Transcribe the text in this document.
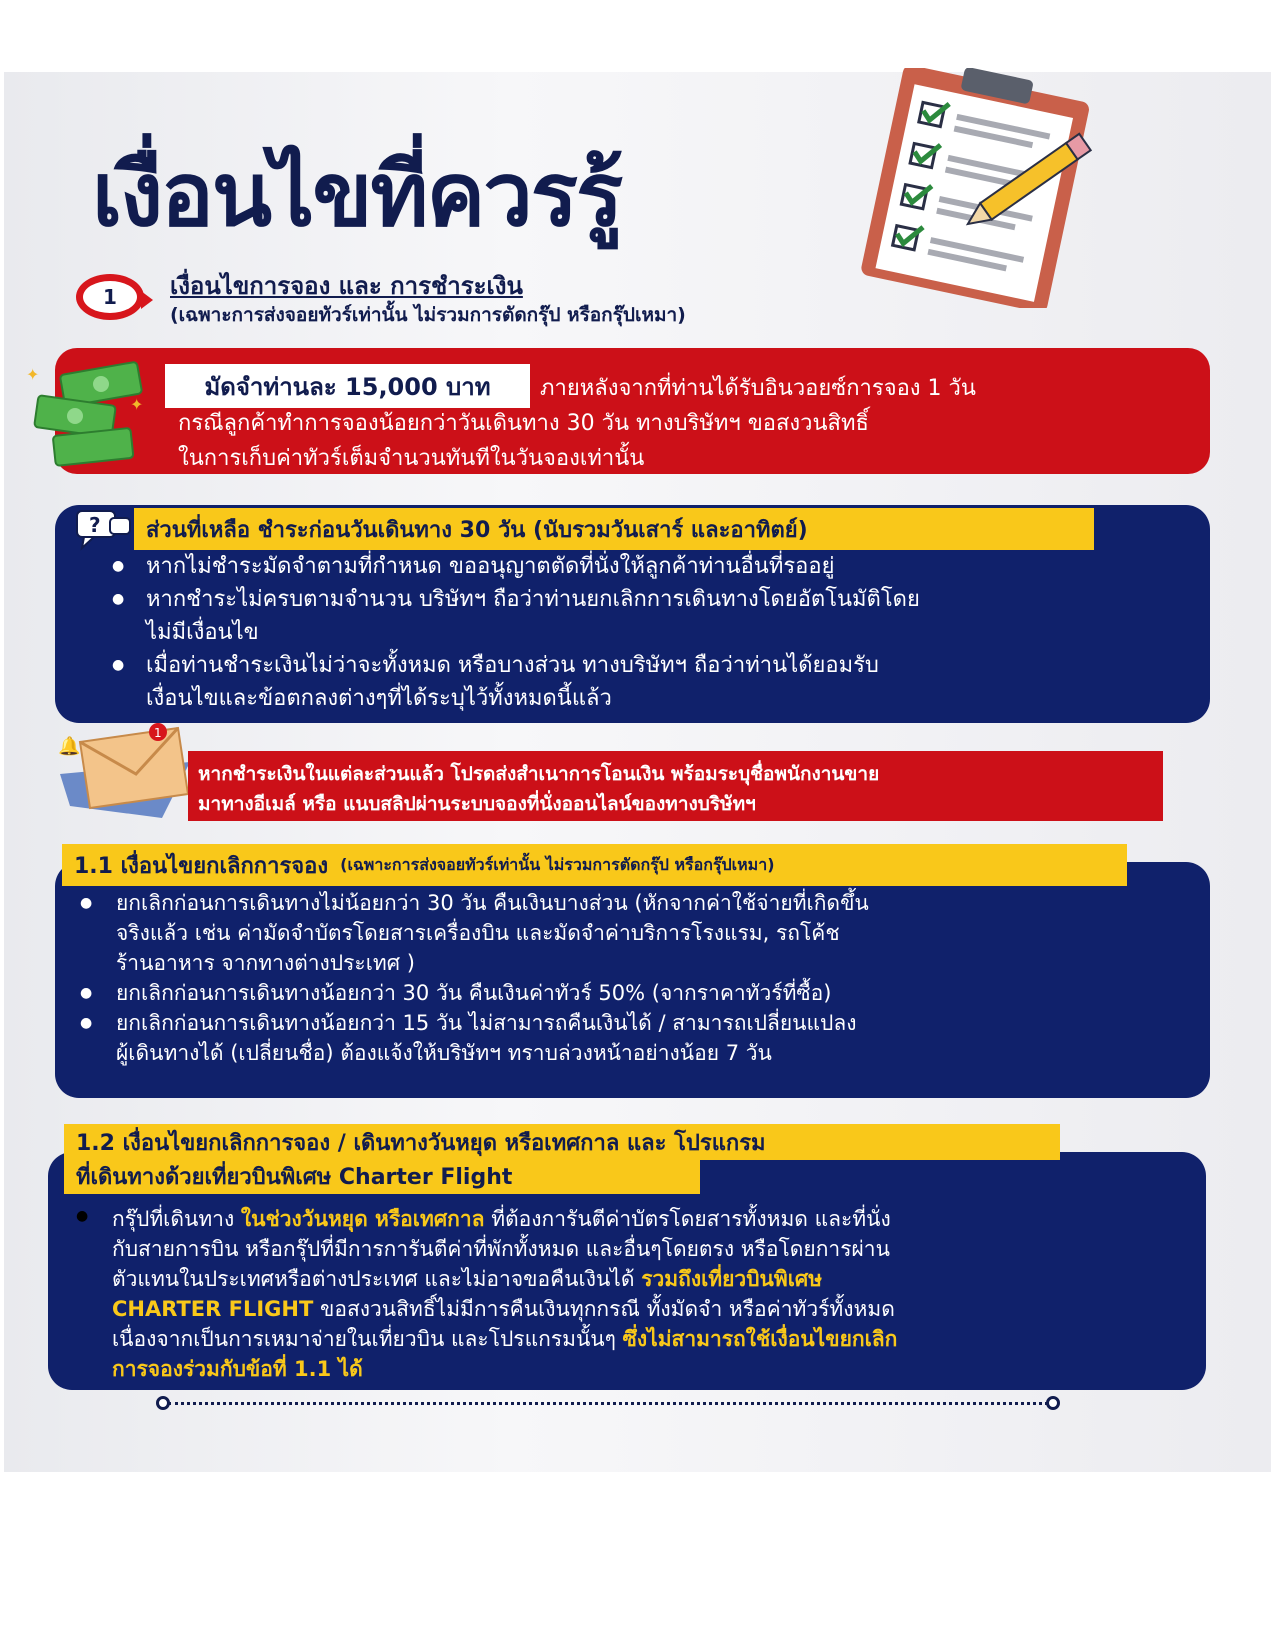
เงื่อนไขที่ควรรู้
1	เงื่อนไขการจอง และ การชำระเงิน
(เฉพาะการส่งจอยทัวร์เท่านั้น ไม่รวมการตัดกรุ๊ป หรือกรุ๊ปเหมา)
✦
✦
มัดจำท่านละ 15,000 บาท	ภายหลังจากที่ท่านได้รับอินวอยซ์การจอง 1 วัน
กรณีลูกค้าทำการจองน้อยกว่าวันเดินทาง 30 วัน ทางบริษัทฯ ขอสงวนสิทธิ์
ในการเก็บค่าทัวร์เต็มจำนวนทันทีในวันจองเท่านั้น
?	ส่วนที่เหลือ ชำระก่อนวันเดินทาง 30 วัน (นับรวมวันเสาร์ และอาทิตย์)
● หากไม่ชำระมัดจำตามที่กำหนด ขออนุญาตตัดที่นั่งให้ลูกค้าท่านอื่นที่รออยู่
● หากชำระไม่ครบตามจำนวน บริษัทฯ ถือว่าท่านยกเลิกการเดินทางโดยอัตโนมัติโดย
ไม่มีเงื่อนไข
● เมื่อท่านชำระเงินไม่ว่าจะทั้งหมด หรือบางส่วน ทางบริษัทฯ ถือว่าท่านได้ยอมรับ
เงื่อนไขและข้อตกลงต่างๆที่ได้ระบุไว้ทั้งหมดนี้แล้ว
1
🔔
หากชำระเงินในแต่ละส่วนแล้ว โปรดส่งสำเนาการโอนเงิน พร้อมระบุชื่อพนักงานขาย
มาทางอีเมล์ หรือ แนบสลิปผ่านระบบจองที่นั่งออนไลน์ของทางบริษัทฯ
1.1 เงื่อนไขยกเลิกการจอง (เฉพาะการส่งจอยทัวร์เท่านั้น ไม่รวมการตัดกรุ๊ป หรือกรุ๊ปเหมา)
● ยกเลิกก่อนการเดินทางไม่น้อยกว่า 30 วัน คืนเงินบางส่วน (หักจากค่าใช้จ่ายที่เกิดขึ้น
จริงแล้ว เช่น ค่ามัดจำบัตรโดยสารเครื่องบิน และมัดจำค่าบริการโรงแรม, รถโค้ช
ร้านอาหาร จากทางต่างประเทศ )
● ยกเลิกก่อนการเดินทางน้อยกว่า 30 วัน คืนเงินค่าทัวร์ 50% (จากราคาทัวร์ที่ซื้อ)
● ยกเลิกก่อนการเดินทางน้อยกว่า 15 วัน ไม่สามารถคืนเงินได้ / สามารถเปลี่ยนแปลง
ผู้เดินทางได้ (เปลี่ยนชื่อ) ต้องแจ้งให้บริษัทฯ ทราบล่วงหน้าอย่างน้อย 7 วัน
1.2 เงื่อนไขยกเลิกการจอง / เดินทางวันหยุด หรือเทศกาล และ โปรแกรม
ที่เดินทางด้วยเที่ยวบินพิเศษ Charter Flight
● กรุ๊ปที่เดินทาง ในช่วงวันหยุด หรือเทศกาล ที่ต้องการันตีค่าบัตรโดยสารทั้งหมด และที่นั่ง
กับสายการบิน หรือกรุ๊ปที่มีการการันตีค่าที่พักทั้งหมด และอื่นๆโดยตรง หรือโดยการผ่าน
ตัวแทนในประเทศหรือต่างประเทศ และไม่อาจขอคืนเงินได้ รวมถึงเที่ยวบินพิเศษ
CHARTER FLIGHT ขอสงวนสิทธิ์ไม่มีการคืนเงินทุกกรณี ทั้งมัดจำ หรือค่าทัวร์ทั้งหมด
เนื่องจากเป็นการเหมาจ่ายในเที่ยวบิน และโปรแกรมนั้นๆ ซึ่งไม่สามารถใช้เงื่อนไขยกเลิก
การจองร่วมกับข้อที่ 1.1 ได้
